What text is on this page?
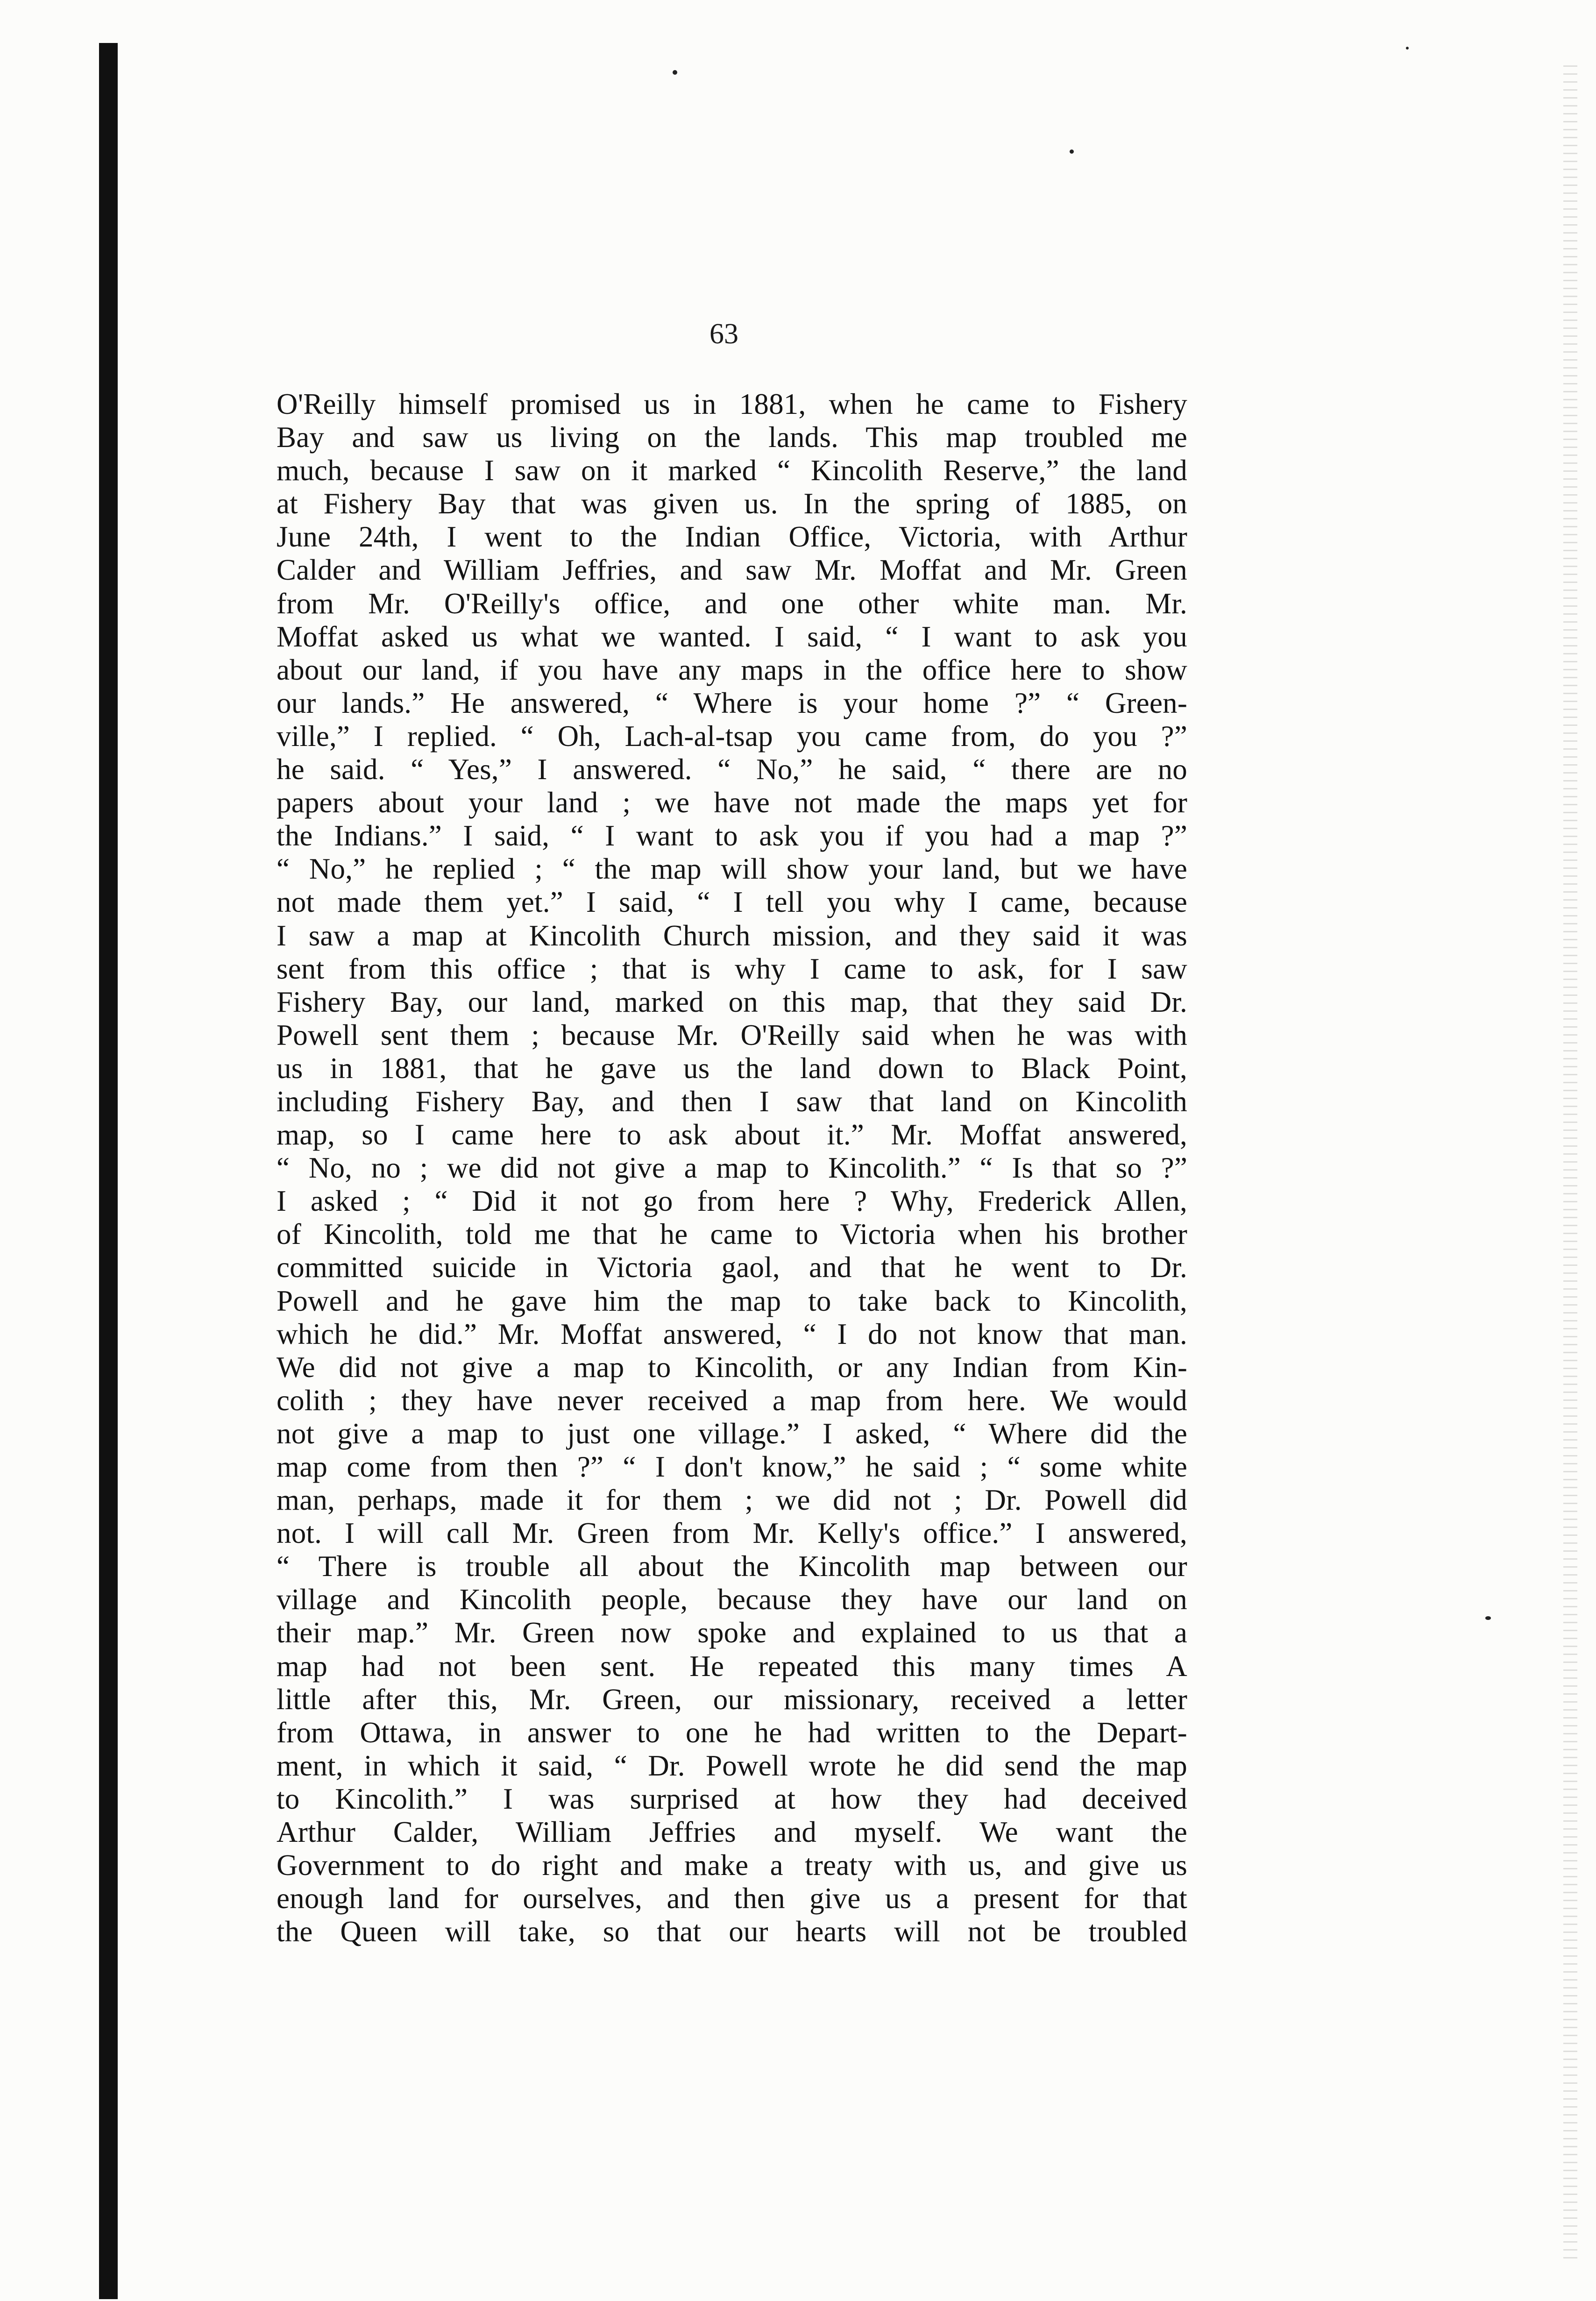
63
O'Reilly himself promised us in 1881, when he came to Fishery
Bay and saw us living on the lands. This map troubled me
much, because I saw on it marked “ Kincolith Reserve,” the land
at Fishery Bay that was given us. In the spring of 1885, on
June 24th, I went to the Indian Office, Victoria, with Arthur
Calder and William Jeffries, and saw Mr. Moffat and Mr. Green
from Mr. O'Reilly's office, and one other white man. Mr.
Moffat asked us what we wanted. I said, “ I want to ask you
about our land, if you have any maps in the office here to show
our lands.” He answered, “ Where is your home ?” “ Green-
ville,” I replied. “ Oh, Lach-al-tsap you came from, do you ?”
he said. “ Yes,” I answered. “ No,” he said, “ there are no
papers about your land ; we have not made the maps yet for
the Indians.” I said, “ I want to ask you if you had a map ?”
“ No,” he replied ; “ the map will show your land, but we have
not made them yet.” I said, “ I tell you why I came, because
I saw a map at Kincolith Church mission, and they said it was
sent from this office ; that is why I came to ask, for I saw
Fishery Bay, our land, marked on this map, that they said Dr.
Powell sent them ; because Mr. O'Reilly said when he was with
us in 1881, that he gave us the land down to Black Point,
including Fishery Bay, and then I saw that land on Kincolith
map, so I came here to ask about it.” Mr. Moffat answered,
“ No, no ; we did not give a map to Kincolith.” “ Is that so ?”
I asked ; “ Did it not go from here ? Why, Frederick Allen,
of Kincolith, told me that he came to Victoria when his brother
committed suicide in Victoria gaol, and that he went to Dr.
Powell and he gave him the map to take back to Kincolith,
which he did.” Mr. Moffat answered, “ I do not know that man.
We did not give a map to Kincolith, or any Indian from Kin-
colith ; they have never received a map from here. We would
not give a map to just one village.” I asked, “ Where did the
map come from then ?” “ I don't know,” he said ; “ some white
man, perhaps, made it for them ; we did not ; Dr. Powell did
not. I will call Mr. Green from Mr. Kelly's office.” I answered,
“ There is trouble all about the Kincolith map between our
village and Kincolith people, because they have our land on
their map.” Mr. Green now spoke and explained to us that a
map had not been sent. He repeated this many times A
little after this, Mr. Green, our missionary, received a letter
from Ottawa, in answer to one he had written to the Depart-
ment, in which it said, “ Dr. Powell wrote he did send the map
to Kincolith.” I was surprised at how they had deceived
Arthur Calder, William Jeffries and myself. We want the
Government to do right and make a treaty with us, and give us
enough land for ourselves, and then give us a present for that
the Queen will take, so that our hearts will not be troubled
